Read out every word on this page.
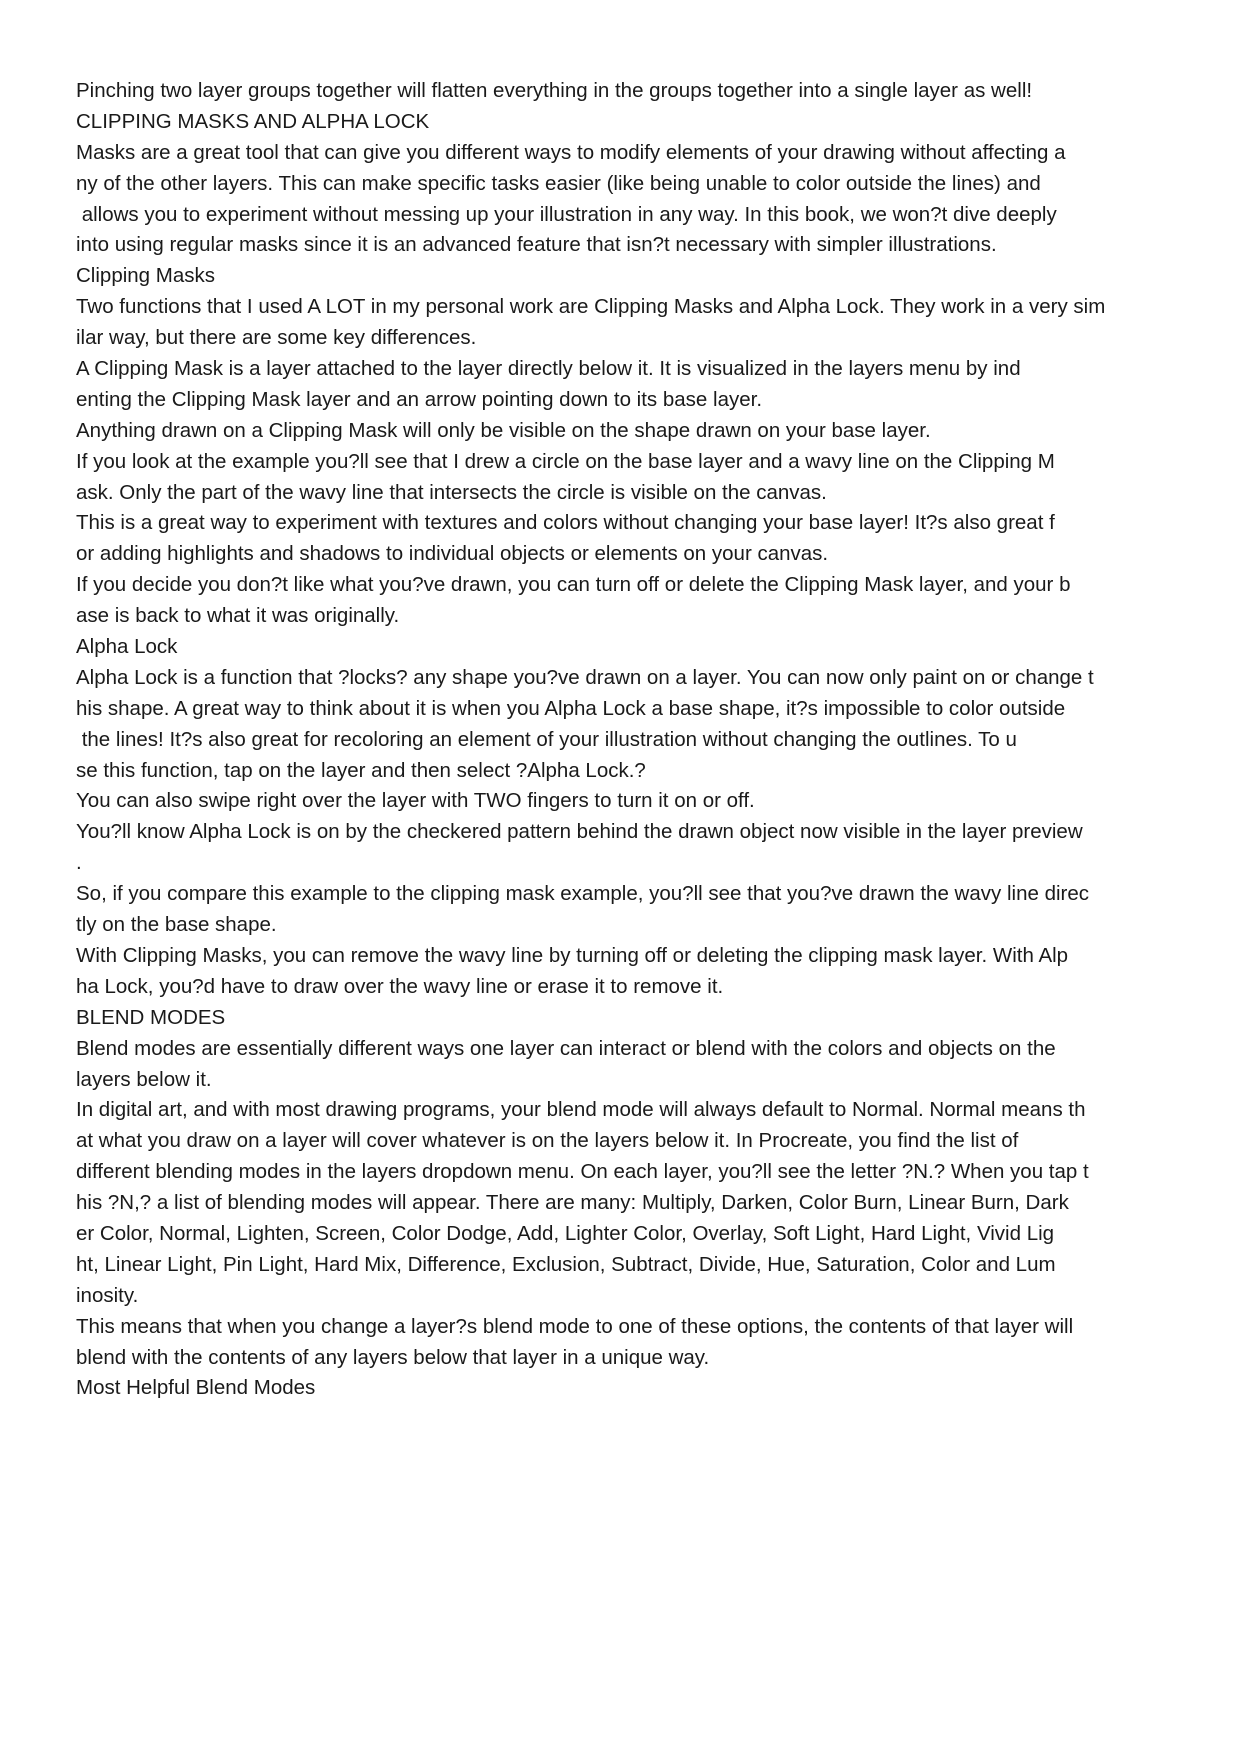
Pinching two layer groups together will flatten everything in the groups together into a single layer as well!
CLIPPING MASKS AND ALPHA LOCK
Masks are a great tool that can give you different ways to modify elements of your drawing without affecting a
ny of the other layers. This can make specific tasks easier (like being unable to color outside the lines) and
allows you to experiment without messing up your illustration in any way. In this book, we won?t dive deeply
into using regular masks since it is an advanced feature that isn?t necessary with simpler illustrations.
Clipping Masks
Two functions that I used A LOT in my personal work are Clipping Masks and Alpha Lock. They work in a very sim
ilar way, but there are some key differences.
A Clipping Mask is a layer attached to the layer directly below it. It is visualized in the layers menu by ind
enting the Clipping Mask layer and an arrow pointing down to its base layer.
Anything drawn on a Clipping Mask will only be visible on the shape drawn on your base layer.
If you look at the example you?ll see that I drew a circle on the base layer and a wavy line on the Clipping M
ask. Only the part of the wavy line that intersects the circle is visible on the canvas.
This is a great way to experiment with textures and colors without changing your base layer! It?s also great f
or adding highlights and shadows to individual objects or elements on your canvas.
If you decide you don?t like what you?ve drawn, you can turn off or delete the Clipping Mask layer, and your b
ase is back to what it was originally.
Alpha Lock
Alpha Lock is a function that ?locks? any shape you?ve drawn on a layer. You can now only paint on or change t
his shape. A great way to think about it is when you Alpha Lock a base shape, it?s impossible to color outside
the lines! It?s also great for recoloring an element of your illustration without changing the outlines. To u
se this function, tap on the layer and then select ?Alpha Lock.?
You can also swipe right over the layer with TWO fingers to turn it on or off.
You?ll know Alpha Lock is on by the checkered pattern behind the drawn object now visible in the layer preview
.
So, if you compare this example to the clipping mask example, you?ll see that you?ve drawn the wavy line direc
tly on the base shape.
With Clipping Masks, you can remove the wavy line by turning off or deleting the clipping mask layer. With Alp
ha Lock, you?d have to draw over the wavy line or erase it to remove it.
BLEND MODES
Blend modes are essentially different ways one layer can interact or blend with the colors and objects on the
layers below it.
In digital art, and with most drawing programs, your blend mode will always default to Normal. Normal means th
at what you draw on a layer will cover whatever is on the layers below it. In Procreate, you find the list of
different blending modes in the layers dropdown menu. On each layer, you?ll see the letter ?N.? When you tap t
his ?N,? a list of blending modes will appear. There are many: Multiply, Darken, Color Burn, Linear Burn, Dark
er Color, Normal, Lighten, Screen, Color Dodge, Add, Lighter Color, Overlay, Soft Light, Hard Light, Vivid Lig
ht, Linear Light, Pin Light, Hard Mix, Difference, Exclusion, Subtract, Divide, Hue, Saturation, Color and Lum
inosity.
This means that when you change a layer?s blend mode to one of these options, the contents of that layer will
blend with the contents of any layers below that layer in a unique way.
Most Helpful Blend Modes
